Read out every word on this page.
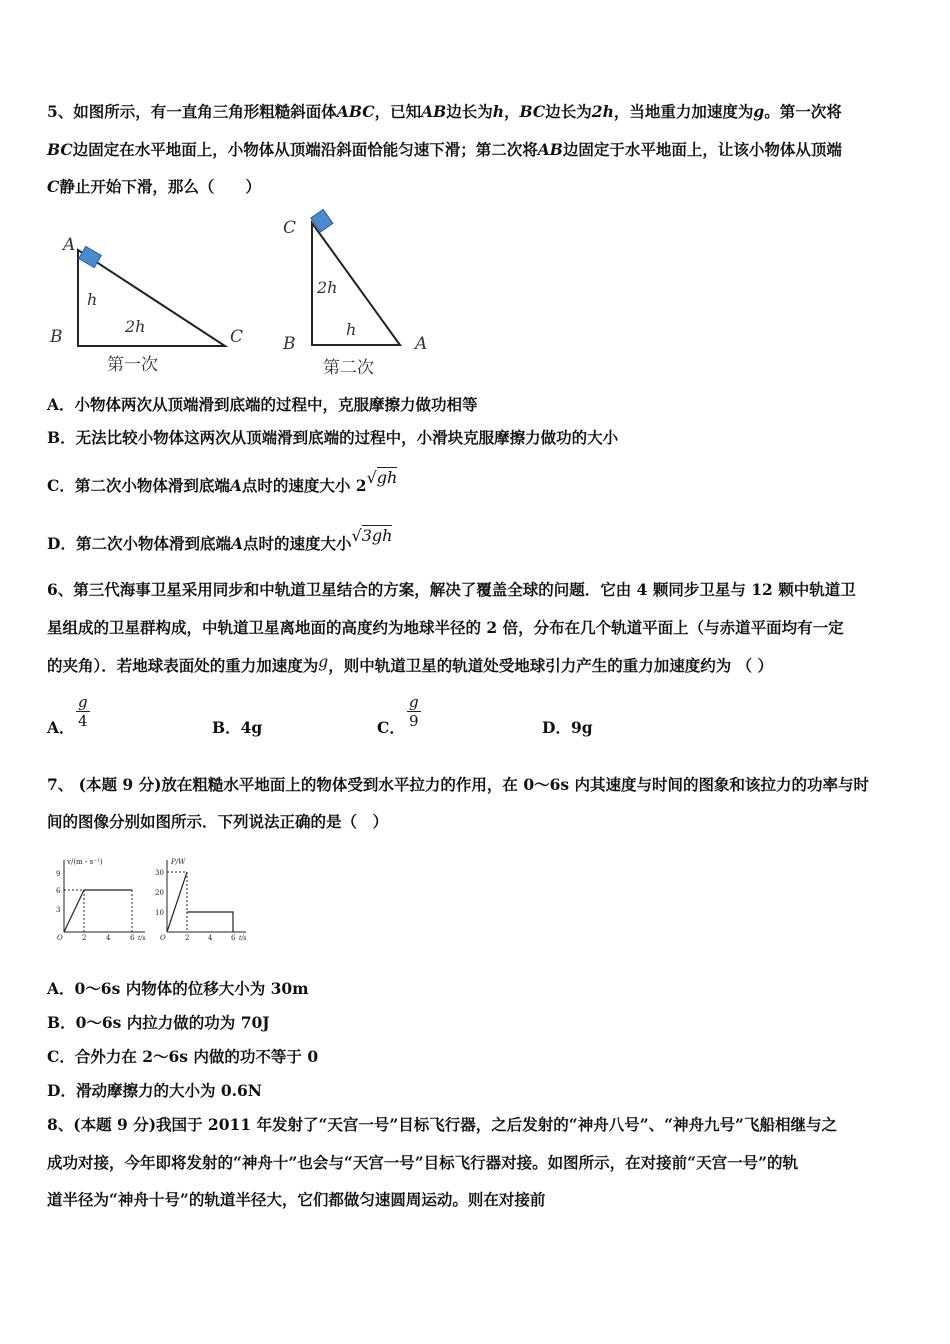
5、如图所示，有一直角三角形粗糙斜面体ABC，已知AB边长为h，BC边长为2h，当地重力加速度为g。第一次将
BC边固定在水平地面上，小物体从顶端沿斜面恰能匀速下滑；第二次将AB边固定于水平地面上，让该小物体从顶端
C静止开始下滑，那么（　　）
A
B	C
h
2h
第一次
C
B	A
2h
h
第二次
A．小物体两次从顶端滑到底端的过程中，克服摩擦力做功相等
B．无法比较小物体这两次从顶端滑到底端的过程中，小滑块克服摩擦力做功的大小
C．第二次小物体滑到底端A点时的速度大小 2√gh
D．第二次小物体滑到底端A点时的速度大小√3gh
6、第三代海事卫星采用同步和中轨道卫星结合的方案，解决了覆盖全球的问题．它由 4 颗同步卫星与 12 颗中轨道卫
星组成的卫星群构成，中轨道卫星离地面的高度约为地球半径的 2 倍，分布在几个轨道平面上（与赤道平面均有一定
的夹角）．若地球表面处的重力加速度为g，则中轨道卫星的轨道处受地球引力产生的重力加速度约为 （ ）
A． $\frac{g}{4}$	B．4g	C． $\frac{g}{9}$	D．9g
7、 (本题 9 分)放在粗糙水平地面上的物体受到水平拉力的作用，在 0～6s 内其速度与时间的图象和该拉力的功率与时
间的图像分别如图所示．下列说法正确的是（　）
v/(m・s⁻¹)
9
6
3
O	2	4	6 t/s
P/W
30
20
10
O	2	4	6 t/s
A．0～6s 内物体的位移大小为 30m
B．0～6s 内拉力做的功为 70J
C．合外力在 2～6s 内做的功不等于 0
D．滑动摩擦力的大小为 0.6N
8、(本题 9 分)我国于 2011 年发射了“天宫一号”目标飞行器，之后发射的“神舟八号”、“神舟九号”飞船相继与之
成功对接，今年即将发射的“神舟十”也会与“天宫一号”目标飞行器对接。如图所示，在对接前“天宫一号”的轨
道半径为“神舟十号”的轨道半径大，它们都做匀速圆周运动。则在对接前
